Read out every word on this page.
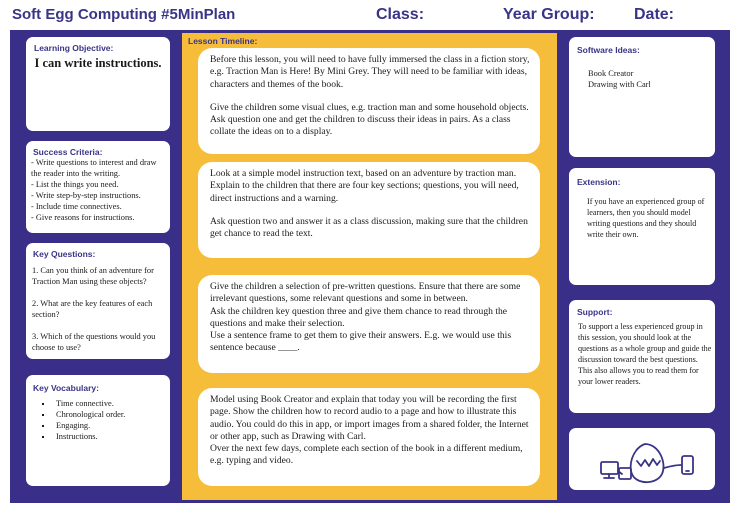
Soft Egg Computing #5MinPlan	Class:	Year Group: Date:
Learning Objective:

I can write instructions.

Success Criteria:

- Write questions to interest and draw the reader into the writing.

- List the things you need.

- Write step-by-step instructions.

- Include time connectives.

- Give reasons for instructions.

Key Questions:

1. Can you think of an adventure for Traction Man using these objects?

2. What are the key features of each section?

3. Which of the questions would you choose to use?

Key Vocabulary:
▪ Time connective.
▪ Chronological order.
▪ Engaging.
▪ Instructions.
Lesson Timeline:

Before this lesson, you will need to have fully immersed the class in a fiction story, e.g. Traction Man is Here! By Mini Grey. They will need to be familiar with ideas, characters and themes of the book.

Give the children some visual clues, e.g. traction man and some household objects. Ask question one and get the children to discuss their ideas in pairs. As a class collate the ideas on to a display.

Look at a simple model instruction text, based on an adventure by traction man. Explain to the children that there are four key sections; questions, you will need, direct instructions and a warning.

Ask question two and answer it as a class discussion, making sure that the children get chance to read the text.

Give the children a selection of pre-written questions. Ensure that there are some irrelevant questions, some relevant questions and some in between.

Ask the children key question three and give them chance to read through the questions and make their selection.

Use a sentence frame to get them to give their answers. E.g. we would use this sentence because ____.

Model using Book Creator and explain that today you will be recording the first page. Show the children how to record audio to a page and how to illustrate this audio. You could do this in app, or import images from a shared folder, the Internet or other app, such as Drawing with Carl.

Over the next few days, complete each section of the book in a different medium, e.g. typing and video.

Software Ideas:

Book Creator

Drawing with Carl

Extension:

If you have an experienced group of learners, then you should model writing questions and they should write their own.

Support:

To support a less experienced group in this session, you should look at the questions as a whole group and guide the discussion toward the best questions. This also allows you to read them for your lower readers.
